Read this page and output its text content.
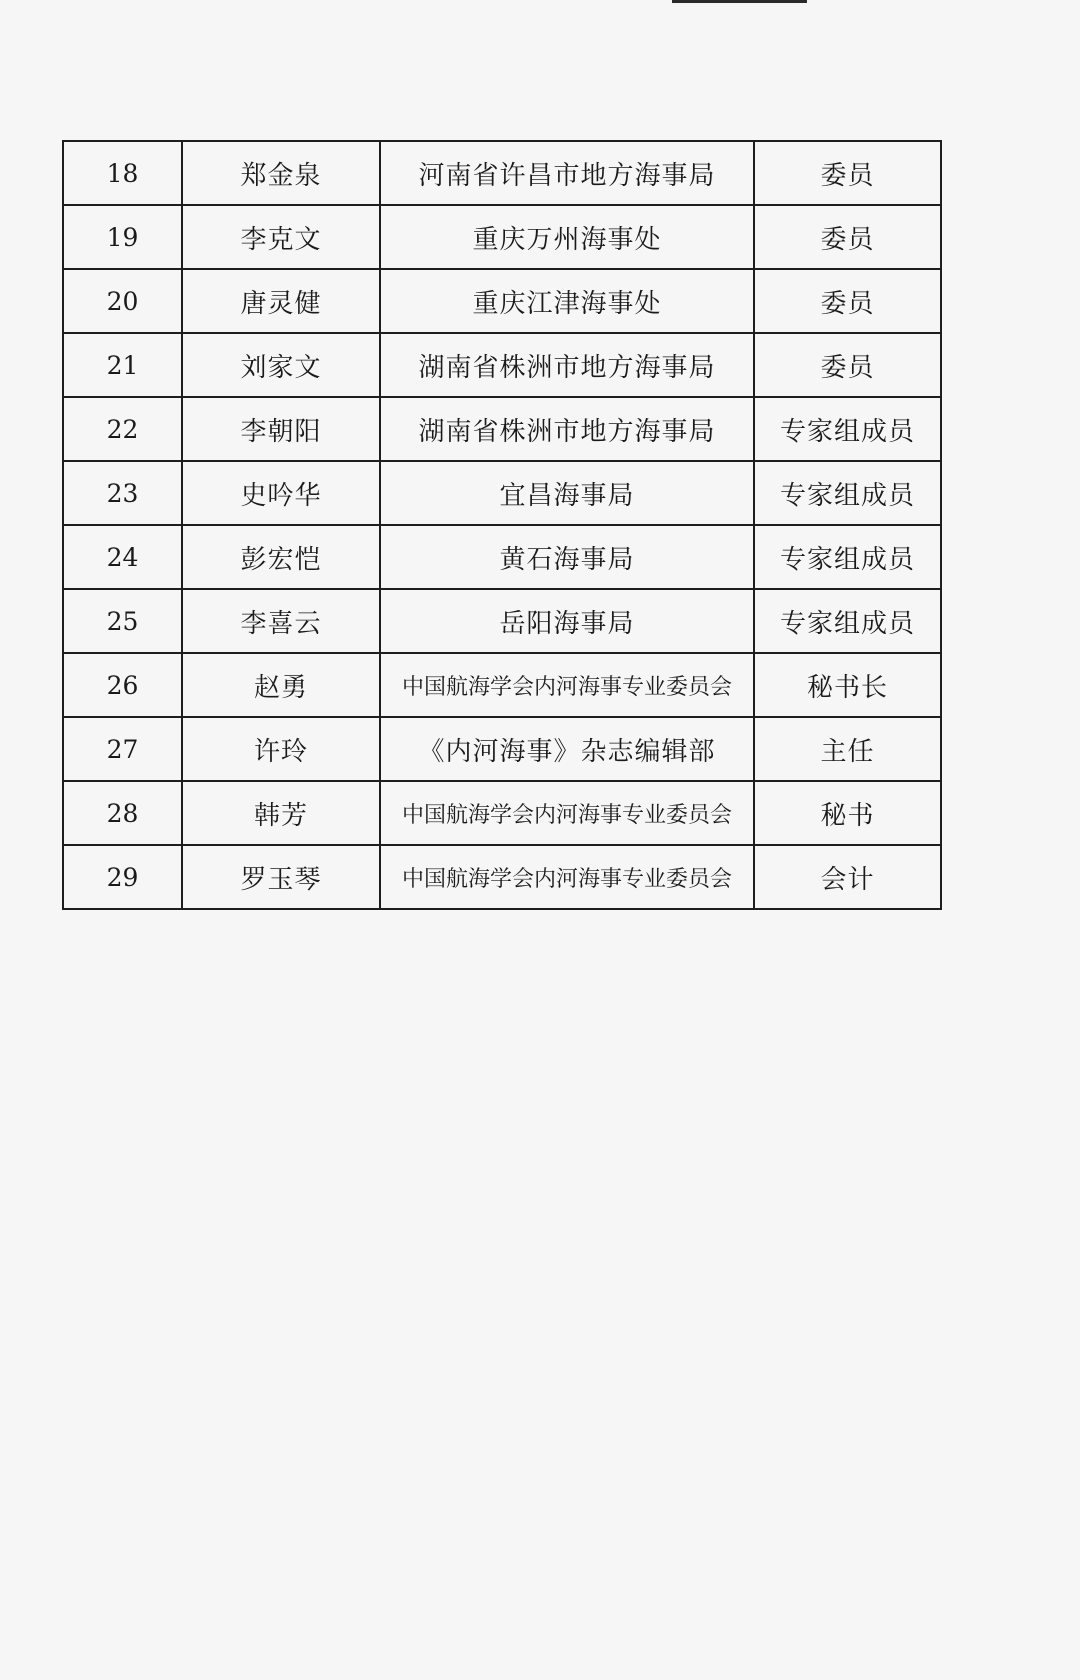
18	郑金泉	河南省许昌市地方海事局	委员
19	李克文	重庆万州海事处	委员
20	唐灵健	重庆江津海事处	委员
21	刘家文	湖南省株洲市地方海事局	委员
22	李朝阳	湖南省株洲市地方海事局	专家组成员
23	史吟华	宜昌海事局	专家组成员
24	彭宏恺	黄石海事局	专家组成员
25	李喜云	岳阳海事局	专家组成员
26	赵勇	中国航海学会内河海事专业委员会	秘书长
27	许玲	《内河海事》杂志编辑部	主任
28	韩芳	中国航海学会内河海事专业委员会	秘书
29	罗玉琴	中国航海学会内河海事专业委员会	会计
